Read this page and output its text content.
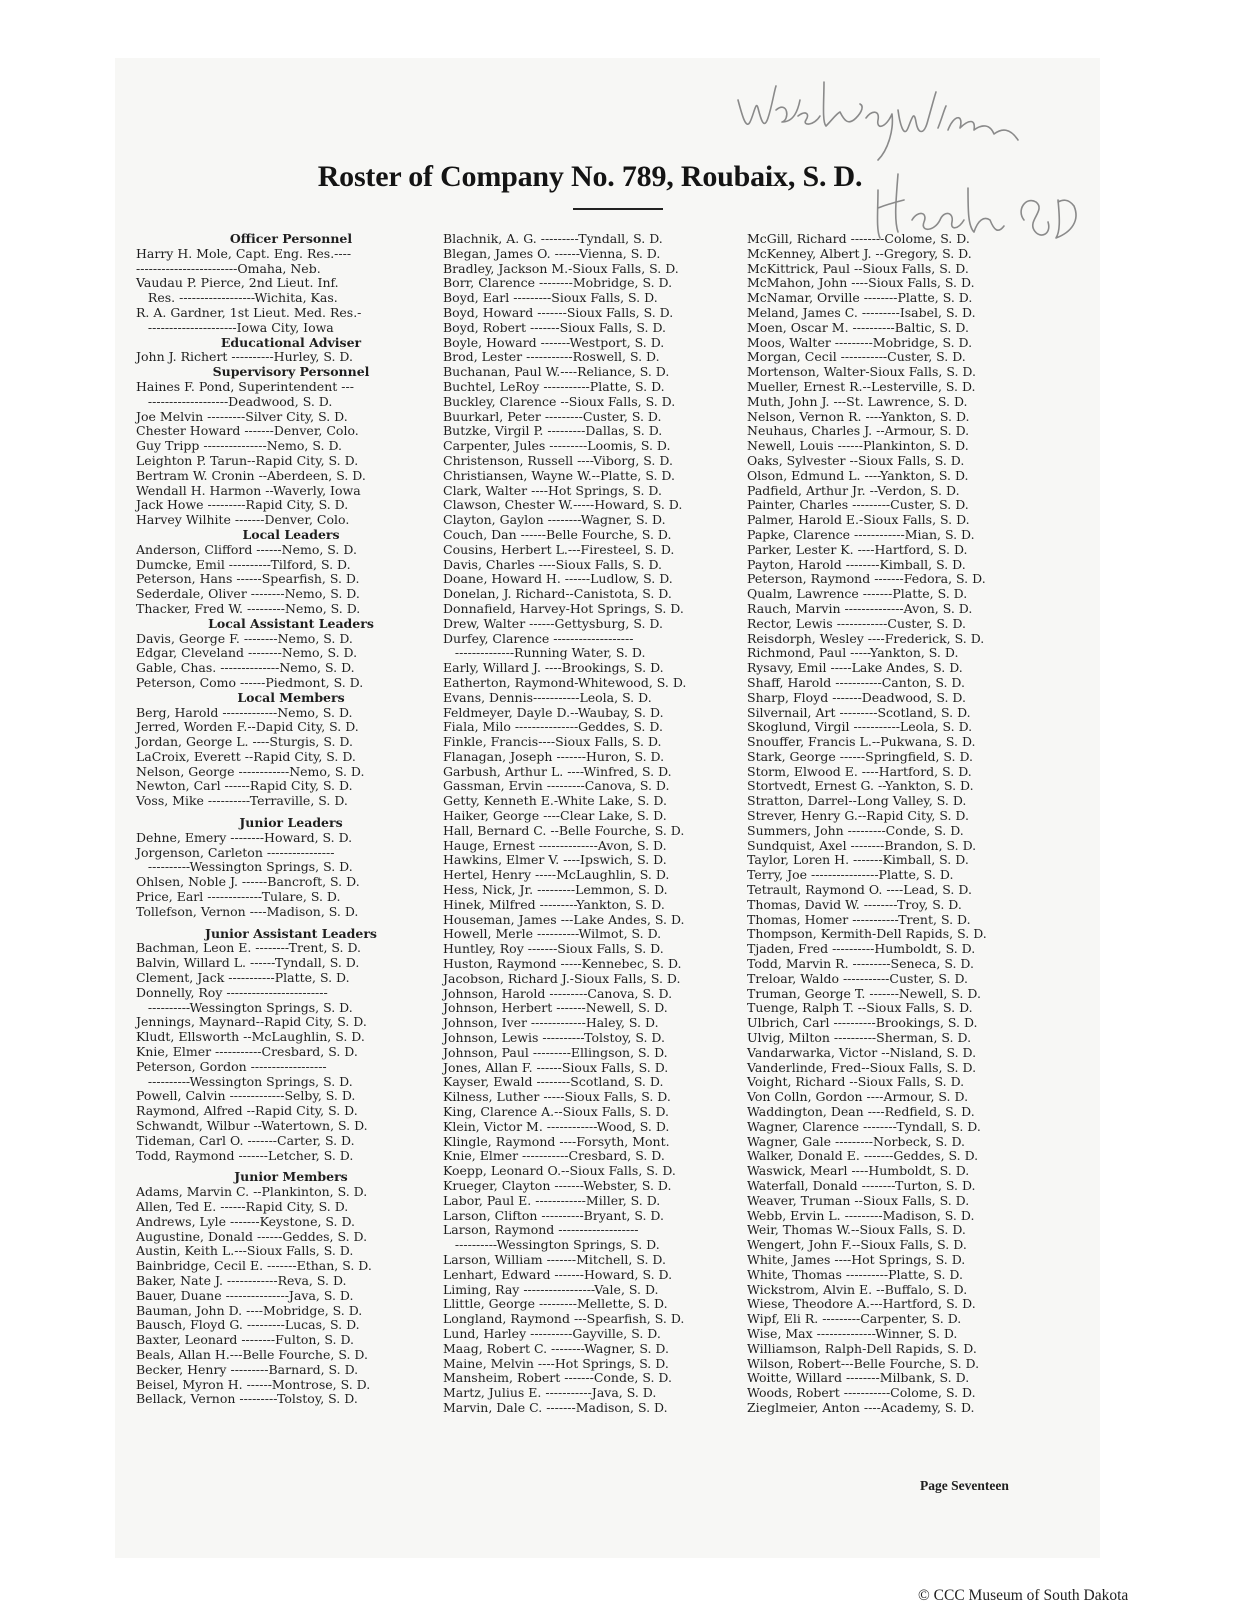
Roster of Company No. 789, Roubaix, S. D.
Officer Personnel
Harry H. Mole, Capt. Eng. Res.----
------------------------Omaha, Neb.
Vaudau P. Pierce, 2nd Lieut. Inf.
Res. ------------------Wichita, Kas.
R. A. Gardner, 1st Lieut. Med. Res.-
---------------------Iowa City, Iowa
Educational Adviser
John J. Richert ----------Hurley, S. D.
Supervisory Personnel
Haines F. Pond, Superintendent ---
-------------------Deadwood, S. D.
Joe Melvin ---------Silver City, S. D.
Chester Howard -------Denver, Colo.
Guy Tripp ---------------Nemo, S. D.
Leighton P. Tarun--Rapid City, S. D.
Bertram W. Cronin --Aberdeen, S. D.
Wendall H. Harmon --Waverly, Iowa
Jack Howe ---------Rapid City, S. D.
Harvey Wilhite -------Denver, Colo.
Local Leaders
Anderson, Clifford ------Nemo, S. D.
Dumcke, Emil ----------Tilford, S. D.
Peterson, Hans ------Spearfish, S. D.
Sederdale, Oliver --------Nemo, S. D.
Thacker, Fred W. ---------Nemo, S. D.
Local Assistant Leaders
Davis, George F. --------Nemo, S. D.
Edgar, Cleveland --------Nemo, S. D.
Gable, Chas. --------------Nemo, S. D.
Peterson, Como ------Piedmont, S. D.
Local Members
Berg, Harold -------------Nemo, S. D.
Jerred, Worden F.--Dapid City, S. D.
Jordan, George L. ----Sturgis, S. D.
LaCroix, Everett --Rapid City, S. D.
Nelson, George ------------Nemo, S. D.
Newton, Carl ------Rapid City, S. D.
Voss, Mike ----------Terraville, S. D.
Junior Leaders
Dehne, Emery --------Howard, S. D.
Jorgenson, Carleton ----------------
----------Wessington Springs, S. D.
Ohlsen, Noble J. ------Bancroft, S. D.
Price, Earl -------------Tulare, S. D.
Tollefson, Vernon ----Madison, S. D.
Junior Assistant Leaders
Bachman, Leon E. --------Trent, S. D.
Balvin, Willard L. ------Tyndall, S. D.
Clement, Jack -----------Platte, S. D.
Donnelly, Roy ------------------------
----------Wessington Springs, S. D.
Jennings, Maynard--Rapid City, S. D.
Kludt, Ellsworth --McLaughlin, S. D.
Knie, Elmer -----------Cresbard, S. D.
Peterson, Gordon ------------------
----------Wessington Springs, S. D.
Powell, Calvin -------------Selby, S. D.
Raymond, Alfred --Rapid City, S. D.
Schwandt, Wilbur --Watertown, S. D.
Tideman, Carl O. -------Carter, S. D.
Todd, Raymond -------Letcher, S. D.
Junior Members
Adams, Marvin C. --Plankinton, S. D.
Allen, Ted E. ------Rapid City, S. D.
Andrews, Lyle -------Keystone, S. D.
Augustine, Donald ------Geddes, S. D.
Austin, Keith L.---Sioux Falls, S. D.
Bainbridge, Cecil E. -------Ethan, S. D.
Baker, Nate J. ------------Reva, S. D.
Bauer, Duane ---------------Java, S. D.
Bauman, John D. ----Mobridge, S. D.
Bausch, Floyd G. ---------Lucas, S. D.
Baxter, Leonard --------Fulton, S. D.
Beals, Allan H.---Belle Fourche, S. D.
Becker, Henry ---------Barnard, S. D.
Beisel, Myron H. ------Montrose, S. D.
Bellack, Vernon ---------Tolstoy, S. D.
Blachnik, A. G. ---------Tyndall, S. D.
Blegan, James O. ------Vienna, S. D.
Bradley, Jackson M.-Sioux Falls, S. D.
Borr, Clarence --------Mobridge, S. D.
Boyd, Earl ---------Sioux Falls, S. D.
Boyd, Howard -------Sioux Falls, S. D.
Boyd, Robert -------Sioux Falls, S. D.
Boyle, Howard -------Westport, S. D.
Brod, Lester -----------Roswell, S. D.
Buchanan, Paul W.----Reliance, S. D.
Buchtel, LeRoy -----------Platte, S. D.
Buckley, Clarence --Sioux Falls, S. D.
Buurkarl, Peter ---------Custer, S. D.
Butzke, Virgil P. ---------Dallas, S. D.
Carpenter, Jules ---------Loomis, S. D.
Christenson, Russell ----Viborg, S. D.
Christiansen, Wayne W.--Platte, S. D.
Clark, Walter ----Hot Springs, S. D.
Clawson, Chester W.-----Howard, S. D.
Clayton, Gaylon --------Wagner, S. D.
Couch, Dan ------Belle Fourche, S. D.
Cousins, Herbert L.---Firesteel, S. D.
Davis, Charles ----Sioux Falls, S. D.
Doane, Howard H. ------Ludlow, S. D.
Donelan, J. Richard--Canistota, S. D.
Donnafield, Harvey-Hot Springs, S. D.
Drew, Walter ------Gettysburg, S. D.
Durfey, Clarence -------------------
--------------Running Water, S. D.
Early, Willard J. ----Brookings, S. D.
Eatherton, Raymond-Whitewood, S. D.
Evans, Dennis-----------Leola, S. D.
Feldmeyer, Dayle D.--Waubay, S. D.
Fiala, Milo ---------------Geddes, S. D.
Finkle, Francis----Sioux Falls, S. D.
Flanagan, Joseph -------Huron, S. D.
Garbush, Arthur L. ----Winfred, S. D.
Gassman, Ervin ---------Canova, S. D.
Getty, Kenneth E.-White Lake, S. D.
Haiker, George ----Clear Lake, S. D.
Hall, Bernard C. --Belle Fourche, S. D.
Hauge, Ernest --------------Avon, S. D.
Hawkins, Elmer V. ----Ipswich, S. D.
Hertel, Henry -----McLaughlin, S. D.
Hess, Nick, Jr. ---------Lemmon, S. D.
Hinek, Milfred ---------Yankton, S. D.
Houseman, James ---Lake Andes, S. D.
Howell, Merle ----------Wilmot, S. D.
Huntley, Roy -------Sioux Falls, S. D.
Huston, Raymond -----Kennebec, S. D.
Jacobson, Richard J.-Sioux Falls, S. D.
Johnson, Harold ---------Canova, S. D.
Johnson, Herbert -------Newell, S. D.
Johnson, Iver -------------Haley, S. D.
Johnson, Lewis ----------Tolstoy, S. D.
Johnson, Paul ---------Ellingson, S. D.
Jones, Allan F. ------Sioux Falls, S. D.
Kayser, Ewald --------Scotland, S. D.
Kilness, Luther -----Sioux Falls, S. D.
King, Clarence A.--Sioux Falls, S. D.
Klein, Victor M. ------------Wood, S. D.
Klingle, Raymond ----Forsyth, Mont.
Knie, Elmer -----------Cresbard, S. D.
Koepp, Leonard O.--Sioux Falls, S. D.
Krueger, Clayton -------Webster, S. D.
Labor, Paul E. ------------Miller, S. D.
Larson, Clifton ----------Bryant, S. D.
Larson, Raymond -------------------
----------Wessington Springs, S. D.
Larson, William -------Mitchell, S. D.
Lenhart, Edward -------Howard, S. D.
Liming, Ray -----------------Vale, S. D.
Llittle, George ---------Mellette, S. D.
Longland, Raymond ---Spearfish, S. D.
Lund, Harley ----------Gayville, S. D.
Maag, Robert C. --------Wagner, S. D.
Maine, Melvin ----Hot Springs, S. D.
Mansheim, Robert -------Conde, S. D.
Martz, Julius E. -----------Java, S. D.
Marvin, Dale C. -------Madison, S. D.
McGill, Richard --------Colome, S. D.
McKenney, Albert J. --Gregory, S. D.
McKittrick, Paul --Sioux Falls, S. D.
McMahon, John ----Sioux Falls, S. D.
McNamar, Orville --------Platte, S. D.
Meland, James C. ---------Isabel, S. D.
Moen, Oscar M. ----------Baltic, S. D.
Moos, Walter ---------Mobridge, S. D.
Morgan, Cecil -----------Custer, S. D.
Mortenson, Walter-Sioux Falls, S. D.
Mueller, Ernest R.--Lesterville, S. D.
Muth, John J. ---St. Lawrence, S. D.
Nelson, Vernon R. ----Yankton, S. D.
Neuhaus, Charles J. --Armour, S. D.
Newell, Louis ------Plankinton, S. D.
Oaks, Sylvester --Sioux Falls, S. D.
Olson, Edmund L. ----Yankton, S. D.
Padfield, Arthur Jr. --Verdon, S. D.
Painter, Charles ---------Custer, S. D.
Palmer, Harold E.-Sioux Falls, S. D.
Papke, Clarence ------------Mian, S. D.
Parker, Lester K. ----Hartford, S. D.
Payton, Harold --------Kimball, S. D.
Peterson, Raymond -------Fedora, S. D.
Qualm, Lawrence -------Platte, S. D.
Rauch, Marvin --------------Avon, S. D.
Rector, Lewis ------------Custer, S. D.
Reisdorph, Wesley ----Frederick, S. D.
Richmond, Paul -----Yankton, S. D.
Rysavy, Emil -----Lake Andes, S. D.
Shaff, Harold -----------Canton, S. D.
Sharp, Floyd -------Deadwood, S. D.
Silvernail, Art ---------Scotland, S. D.
Skoglund, Virgil -----------Leola, S. D.
Snouffer, Francis L.--Pukwana, S. D.
Stark, George ------Springfield, S. D.
Storm, Elwood E. ----Hartford, S. D.
Stortvedt, Ernest G. --Yankton, S. D.
Stratton, Darrel--Long Valley, S. D.
Strever, Henry G.--Rapid City, S. D.
Summers, John ---------Conde, S. D.
Sundquist, Axel --------Brandon, S. D.
Taylor, Loren H. -------Kimball, S. D.
Terry, Joe ----------------Platte, S. D.
Tetrault, Raymond O. ----Lead, S. D.
Thomas, David W. --------Troy, S. D.
Thomas, Homer -----------Trent, S. D.
Thompson, Kermith-Dell Rapids, S. D.
Tjaden, Fred ----------Humboldt, S. D.
Todd, Marvin R. ---------Seneca, S. D.
Treloar, Waldo -----------Custer, S. D.
Truman, George T. -------Newell, S. D.
Tuenge, Ralph T. --Sioux Falls, S. D.
Ulbrich, Carl ----------Brookings, S. D.
Ulvig, Milton ----------Sherman, S. D.
Vandarwarka, Victor --Nisland, S. D.
Vanderlinde, Fred--Sioux Falls, S. D.
Voight, Richard --Sioux Falls, S. D.
Von Colln, Gordon ----Armour, S. D.
Waddington, Dean ----Redfield, S. D.
Wagner, Clarence --------Tyndall, S. D.
Wagner, Gale ---------Norbeck, S. D.
Walker, Donald E. -------Geddes, S. D.
Waswick, Mearl ----Humboldt, S. D.
Waterfall, Donald --------Turton, S. D.
Weaver, Truman --Sioux Falls, S. D.
Webb, Ervin L. ---------Madison, S. D.
Weir, Thomas W.--Sioux Falls, S. D.
Wengert, John F.--Sioux Falls, S. D.
White, James ----Hot Springs, S. D.
White, Thomas ----------Platte, S. D.
Wickstrom, Alvin E. --Buffalo, S. D.
Wiese, Theodore A.---Hartford, S. D.
Wipf, Eli R. ---------Carpenter, S. D.
Wise, Max --------------Winner, S. D.
Williamson, Ralph-Dell Rapids, S. D.
Wilson, Robert---Belle Fourche, S. D.
Woitte, Willard --------Milbank, S. D.
Woods, Robert -----------Colome, S. D.
Zieglmeier, Anton ----Academy, S. D.
Page Seventeen
© CCC Museum of South Dakota
